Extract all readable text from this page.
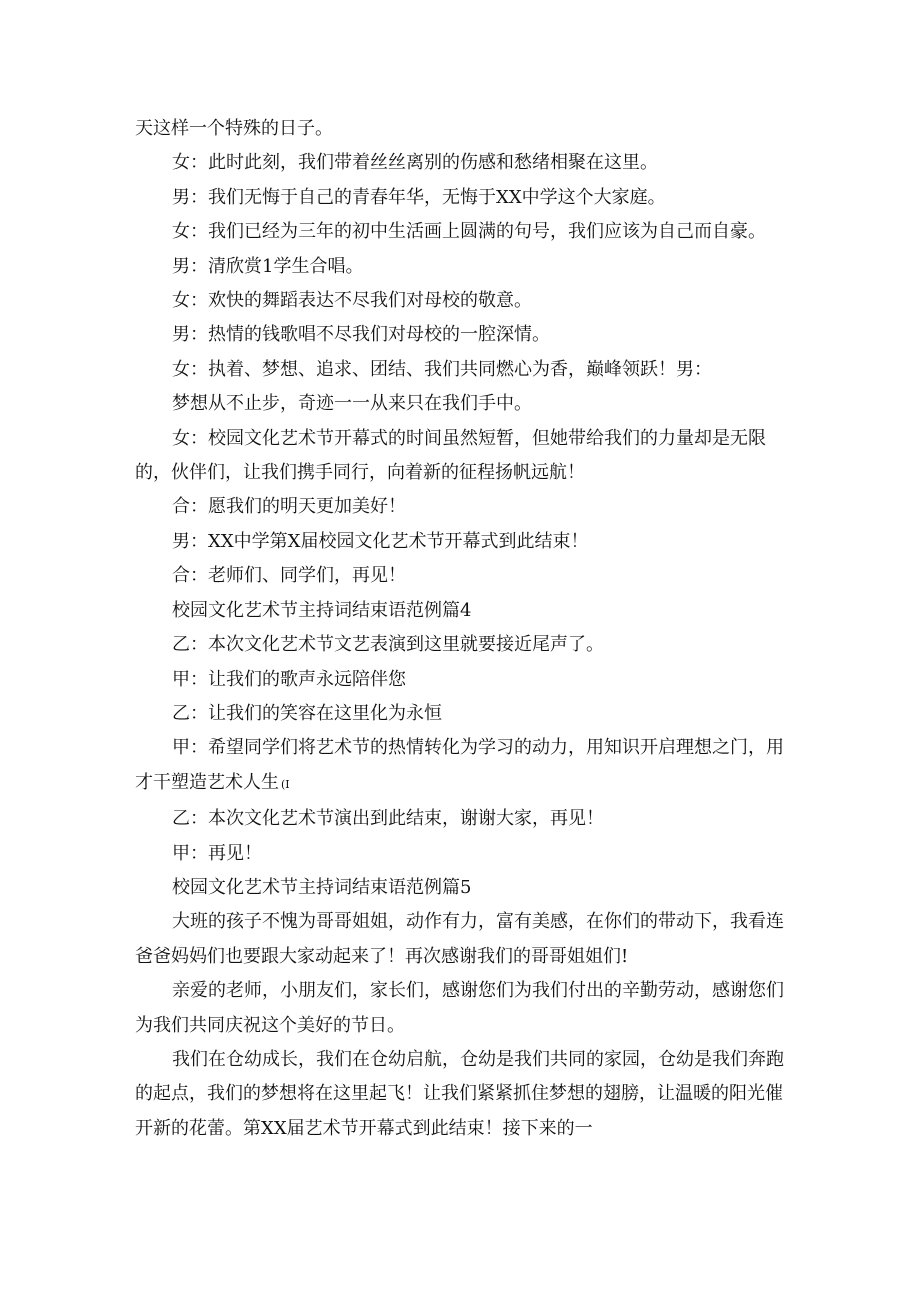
天这样一个特殊的日子。

女：此时此刻，我们带着丝丝离别的伤感和愁绪相聚在这里。

男：我们无悔于自己的青春年华，无悔于XX中学这个大家庭。

女：我们已经为三年的初中生活画上圆满的句号，我们应该为自己而自豪。

男：清欣赏1学生合唱。

女：欢快的舞蹈表达不尽我们对母校的敬意。

男：热情的钱歌唱不尽我们对母校的一腔深情。

女：执着、梦想、追求、团结、我们共同燃心为香，巅峰领跃！男：

梦想从不止步，奇迹一一从来只在我们手中。

女：校园文化艺术节开幕式的时间虽然短暂，但她带给我们的力量却是无限的，伙伴们，让我们携手同行，向着新的征程扬帆远航！

合：愿我们的明天更加美好！

男：XX中学第X届校园文化艺术节开幕式到此结束！

合：老师们、同学们，再见！

校园文化艺术节主持词结束语范例篇4

乙：本次文化艺术节文艺表演到这里就要接近尾声了。

甲：让我们的歌声永远陪伴您

乙：让我们的笑容在这里化为永恒

甲：希望同学们将艺术节的热情转化为学习的动力，用知识开启理想之门，用才干塑造艺术人生 (I

乙：本次文化艺术节演出到此结束，谢谢大家，再见！

甲：再见！

校园文化艺术节主持词结束语范例篇5

大班的孩子不愧为哥哥姐姐，动作有力，富有美感，在你们的带动下，我看连爸爸妈妈们也要跟大家动起来了！再次感谢我们的哥哥姐姐们!

亲爱的老师，小朋友们，家长们，感谢您们为我们付出的辛勤劳动，感谢您们为我们共同庆祝这个美好的节日。

我们在仓幼成长，我们在仓幼启航，仓幼是我们共同的家园，仓幼是我们奔跑的起点，我们的梦想将在这里起飞！让我们紧紧抓住梦想的翅膀，让温暖的阳光催开新的花蕾。第XX届艺术节开幕式到此结束！接下来的一
